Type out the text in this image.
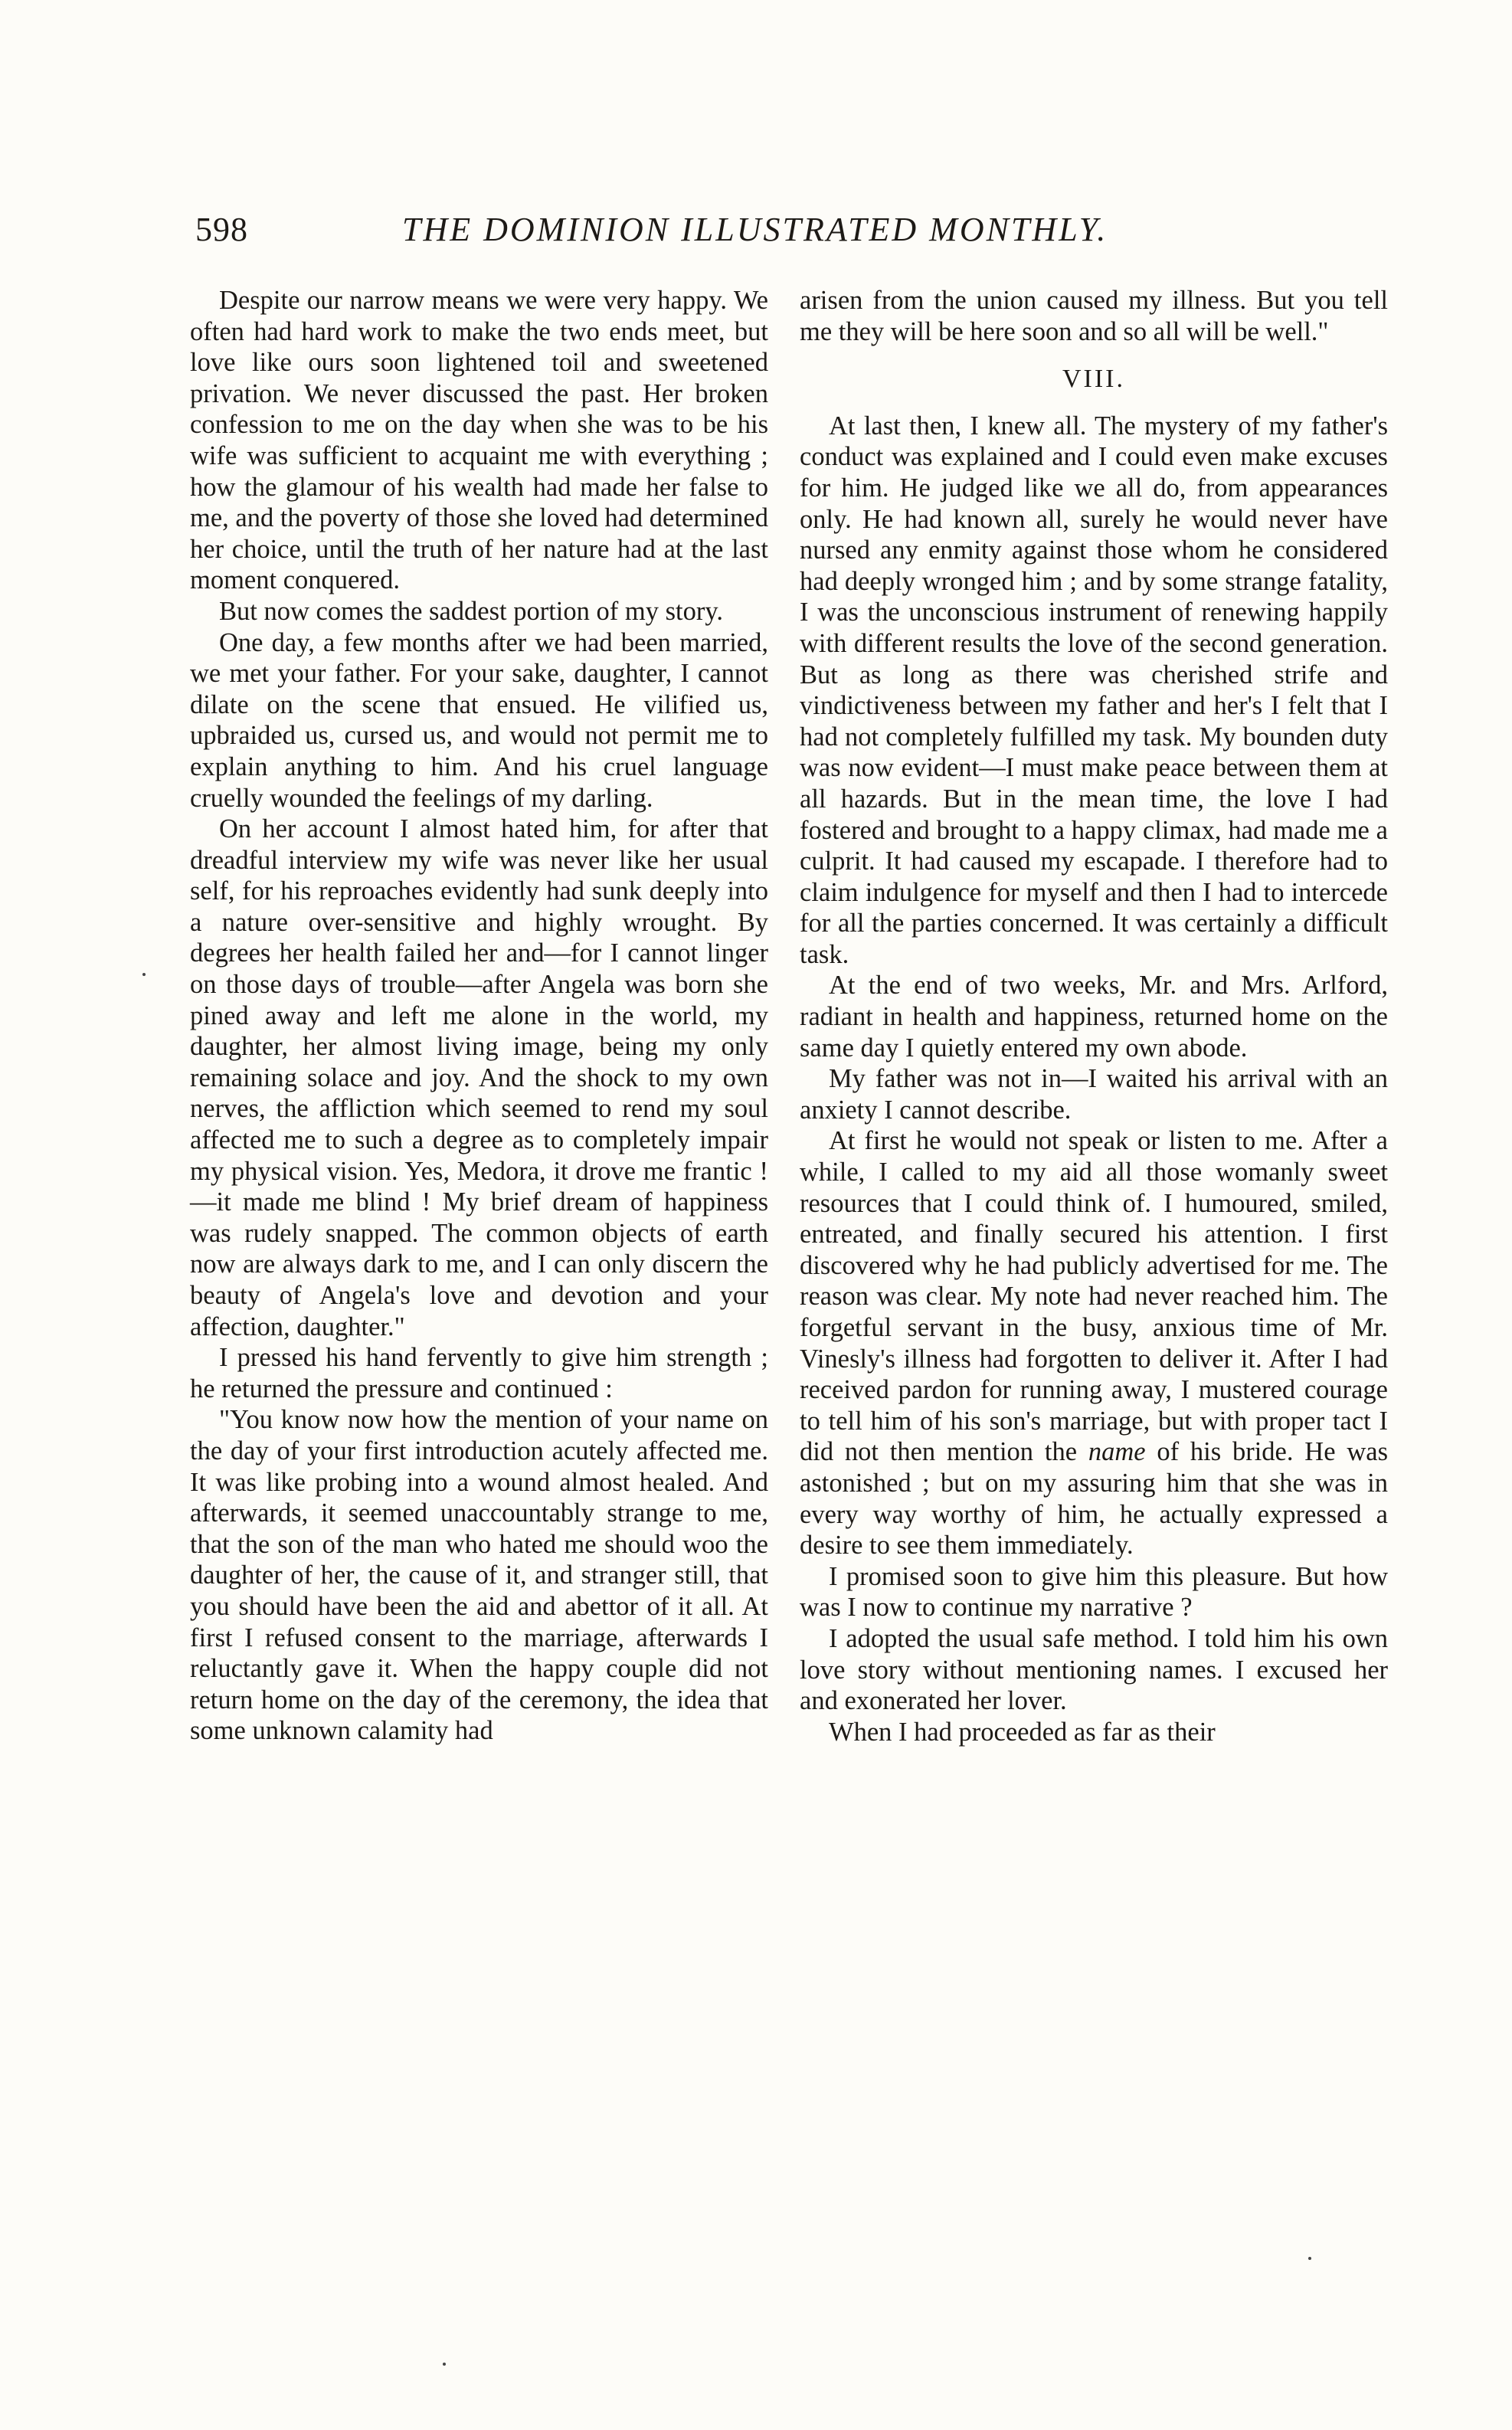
598	THE DOMINION ILLUSTRATED MONTHLY.

Despite our narrow means we were very happy. We often had hard work to make the two ends meet, but love like ours soon lightened toil and sweetened privation. We never discussed the past. Her broken confession to me on the day when she was to be his wife was sufficient to acquaint me with everything ; how the glamour of his wealth had made her false to me, and the poverty of those she loved had determined her choice, until the truth of her nature had at the last moment conquered.

But now comes the saddest portion of my story.

One day, a few months after we had been married, we met your father. For your sake, daughter, I cannot dilate on the scene that ensued. He vilified us, upbraided us, cursed us, and would not permit me to explain anything to him. And his cruel language cruelly wounded the feelings of my darling.

On her account I almost hated him, for after that dreadful interview my wife was never like her usual self, for his reproaches evidently had sunk deeply into a nature over-sensitive and highly wrought. By degrees her health failed her and—for I cannot linger on those days of trouble—after Angela was born she pined away and left me alone in the world, my daughter, her almost living image, being my only remaining solace and joy. And the shock to my own nerves, the affliction which seemed to rend my soul affected me to such a degree as to completely impair my physical vision. Yes, Medora, it drove me frantic !—it made me blind ! My brief dream of happiness was rudely snapped. The common objects of earth now are always dark to me, and I can only discern the beauty of Angela's love and devotion and your affection, daughter."

I pressed his hand fervently to give him strength ; he returned the pressure and continued :

"You know now how the mention of your name on the day of your first introduction acutely affected me. It was like probing into a wound almost healed. And afterwards, it seemed unaccountably strange to me, that the son of the man who hated me should woo the daughter of her, the cause of it, and stranger still, that you should have been the aid and abettor of it all. At first I refused consent to the marriage, afterwards I reluctantly gave it. When the happy couple did not return home on the day of the ceremony, the idea that some unknown calamity had

arisen from the union caused my illness. But you tell me they will be here soon and so all will be well."

VIII.

At last then, I knew all. The mystery of my father's conduct was explained and I could even make excuses for him. He judged like we all do, from appearances only. He had known all, surely he would never have nursed any enmity against those whom he considered had deeply wronged him ; and by some strange fatality, I was the unconscious instrument of renewing happily with different results the love of the second generation. But as long as there was cherished strife and vindictiveness between my father and her's I felt that I had not completely fulfilled my task. My bounden duty was now evident—I must make peace between them at all hazards. But in the mean time, the love I had fostered and brought to a happy climax, had made me a culprit. It had caused my escapade. I therefore had to claim indulgence for myself and then I had to intercede for all the parties concerned. It was certainly a difficult task.

At the end of two weeks, Mr. and Mrs. Arlford, radiant in health and happiness, returned home on the same day I quietly entered my own abode.

My father was not in—I waited his arrival with an anxiety I cannot describe.

At first he would not speak or listen to me. After a while, I called to my aid all those womanly sweet resources that I could think of. I humoured, smiled, entreated, and finally secured his attention. I first discovered why he had publicly advertised for me. The reason was clear. My note had never reached him. The forgetful servant in the busy, anxious time of Mr. Vinesly's illness had forgotten to deliver it. After I had received pardon for running away, I mustered courage to tell him of his son's marriage, but with proper tact I did not then mention the name of his bride. He was astonished ; but on my assuring him that she was in every way worthy of him, he actually expressed a desire to see them immediately.

I promised soon to give him this pleasure. But how was I now to continue my narrative ?

I adopted the usual safe method. I told him his own love story without mentioning names. I excused her and exonerated her lover.

When I had proceeded as far as their
